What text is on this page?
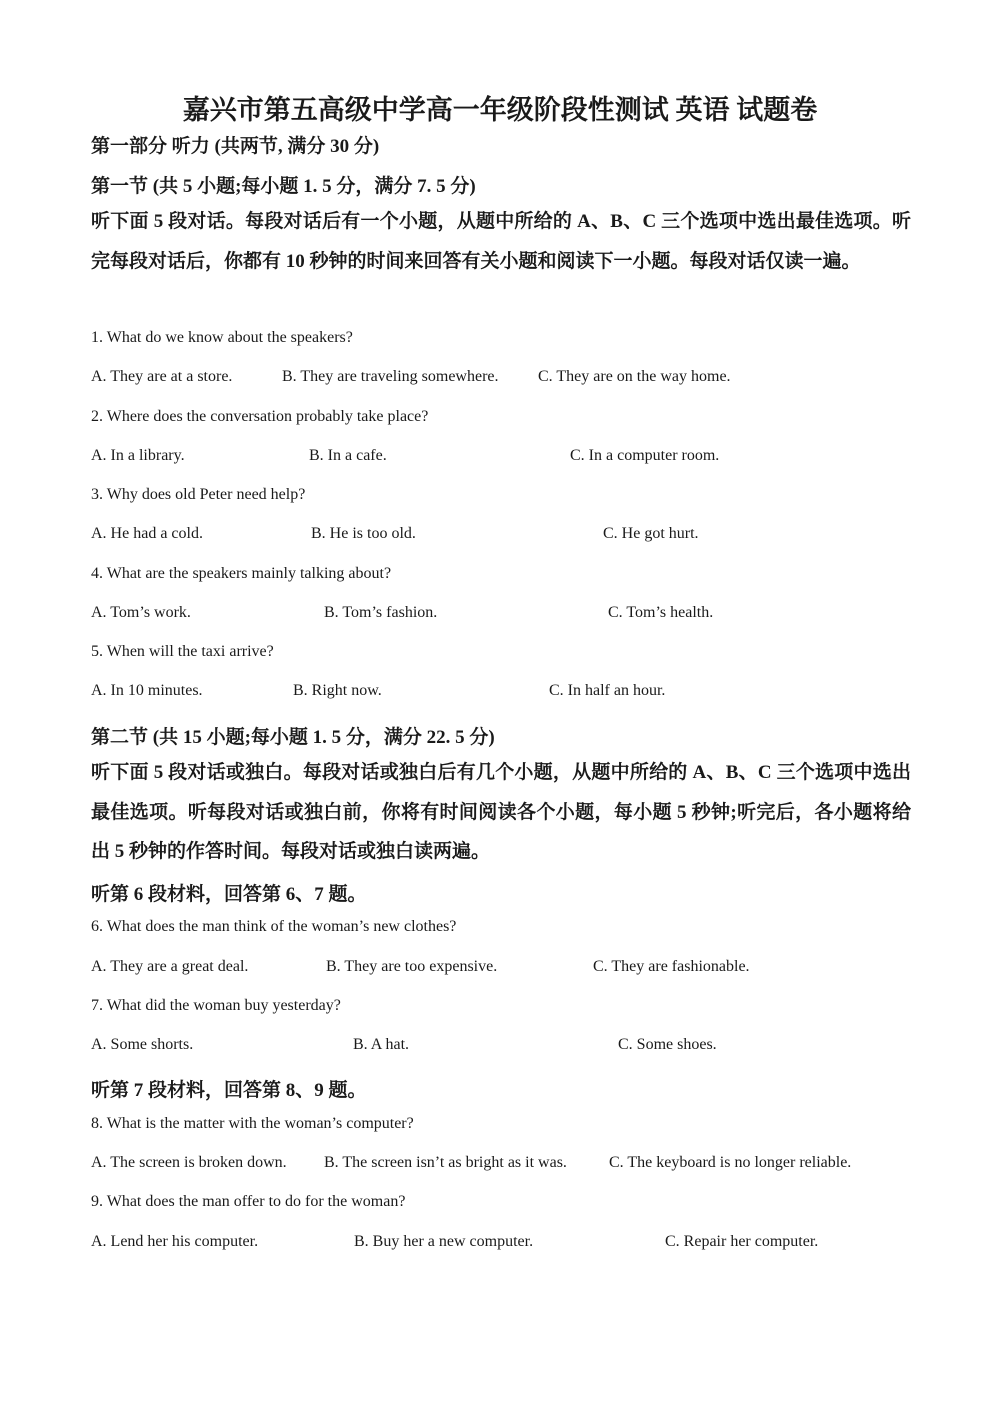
嘉兴市第五高级中学高一年级阶段性测试 英语 试题卷
第一部分 听力 (共两节, 满分 30 分)
第一节 (共 5 小题;每小题 1. 5 分，满分 7. 5 分)
听下面 5 段对话。每段对话后有一个小题，从题中所给的 A、B、C 三个选项中选出最佳选项。听完每段对话后，你都有 10 秒钟的时间来回答有关小题和阅读下一小题。每段对话仅读一遍。
1. What do we know about the speakers?
A. They are at a store.	B. They are traveling somewhere. C. They are on the way home.
2. Where does the conversation probably take place?
A. In a library.	B. In a cafe.	C. In a computer room.
3. Why does old Peter need help?
A. He had a cold.	B. He is too old.	C. He got hurt.
4. What are the speakers mainly talking about?
A. Tom’s work.	B. Tom’s fashion.	C. Tom’s health.
5. When will the taxi arrive?
A. In 10 minutes.	B. Right now.	C. In half an hour.
第二节 (共 15 小题;每小题 1. 5 分，满分 22. 5 分)
听下面 5 段对话或独白。每段对话或独白后有几个小题，从题中所给的 A、B、C 三个选项中选出最佳选项。听每段对话或独白前，你将有时间阅读各个小题，每小题 5 秒钟;听完后，各小题将给出 5 秒钟的作答时间。每段对话或独白读两遍。
听第 6 段材料，回答第 6、7 题。
6. What does the man think of the woman’s new clothes?
A. They are a great deal.	B. They are too expensive.	C. They are fashionable.
7. What did the woman buy yesterday?
A. Some shorts.	B. A hat.	C. Some shoes.
听第 7 段材料，回答第 8、9 题。
8. What is the matter with the woman’s computer?
A. The screen is broken down. B. The screen isn’t as bright as it was.	C. The keyboard is no longer reliable.
9. What does the man offer to do for the woman?
A. Lend her his computer.	B. Buy her a new computer.	C. Repair her computer.
